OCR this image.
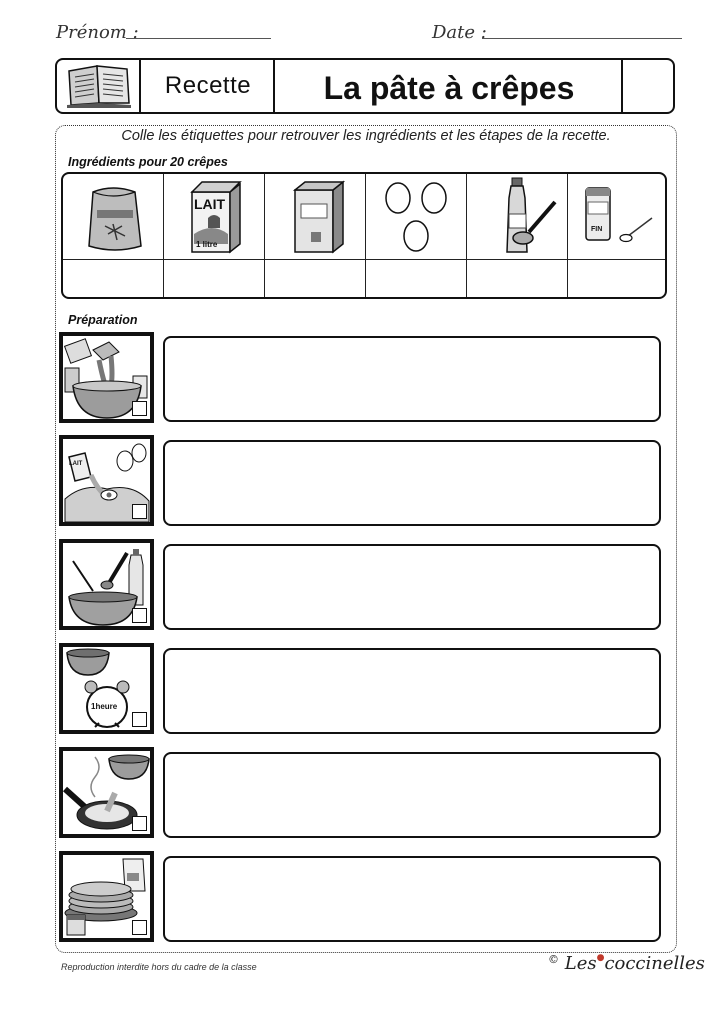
Prénom :	Date :
Recette	La pâte à crêpes
Colle les étiquettes pour retrouver les ingrédients et les étapes de la recette.
Ingrédients pour 20 crêpes
LAIT
1 litre
FIN
Préparation
LAIT
1heure
Reproduction interdite hors du cadre de la classe
© Les●coccinelles
